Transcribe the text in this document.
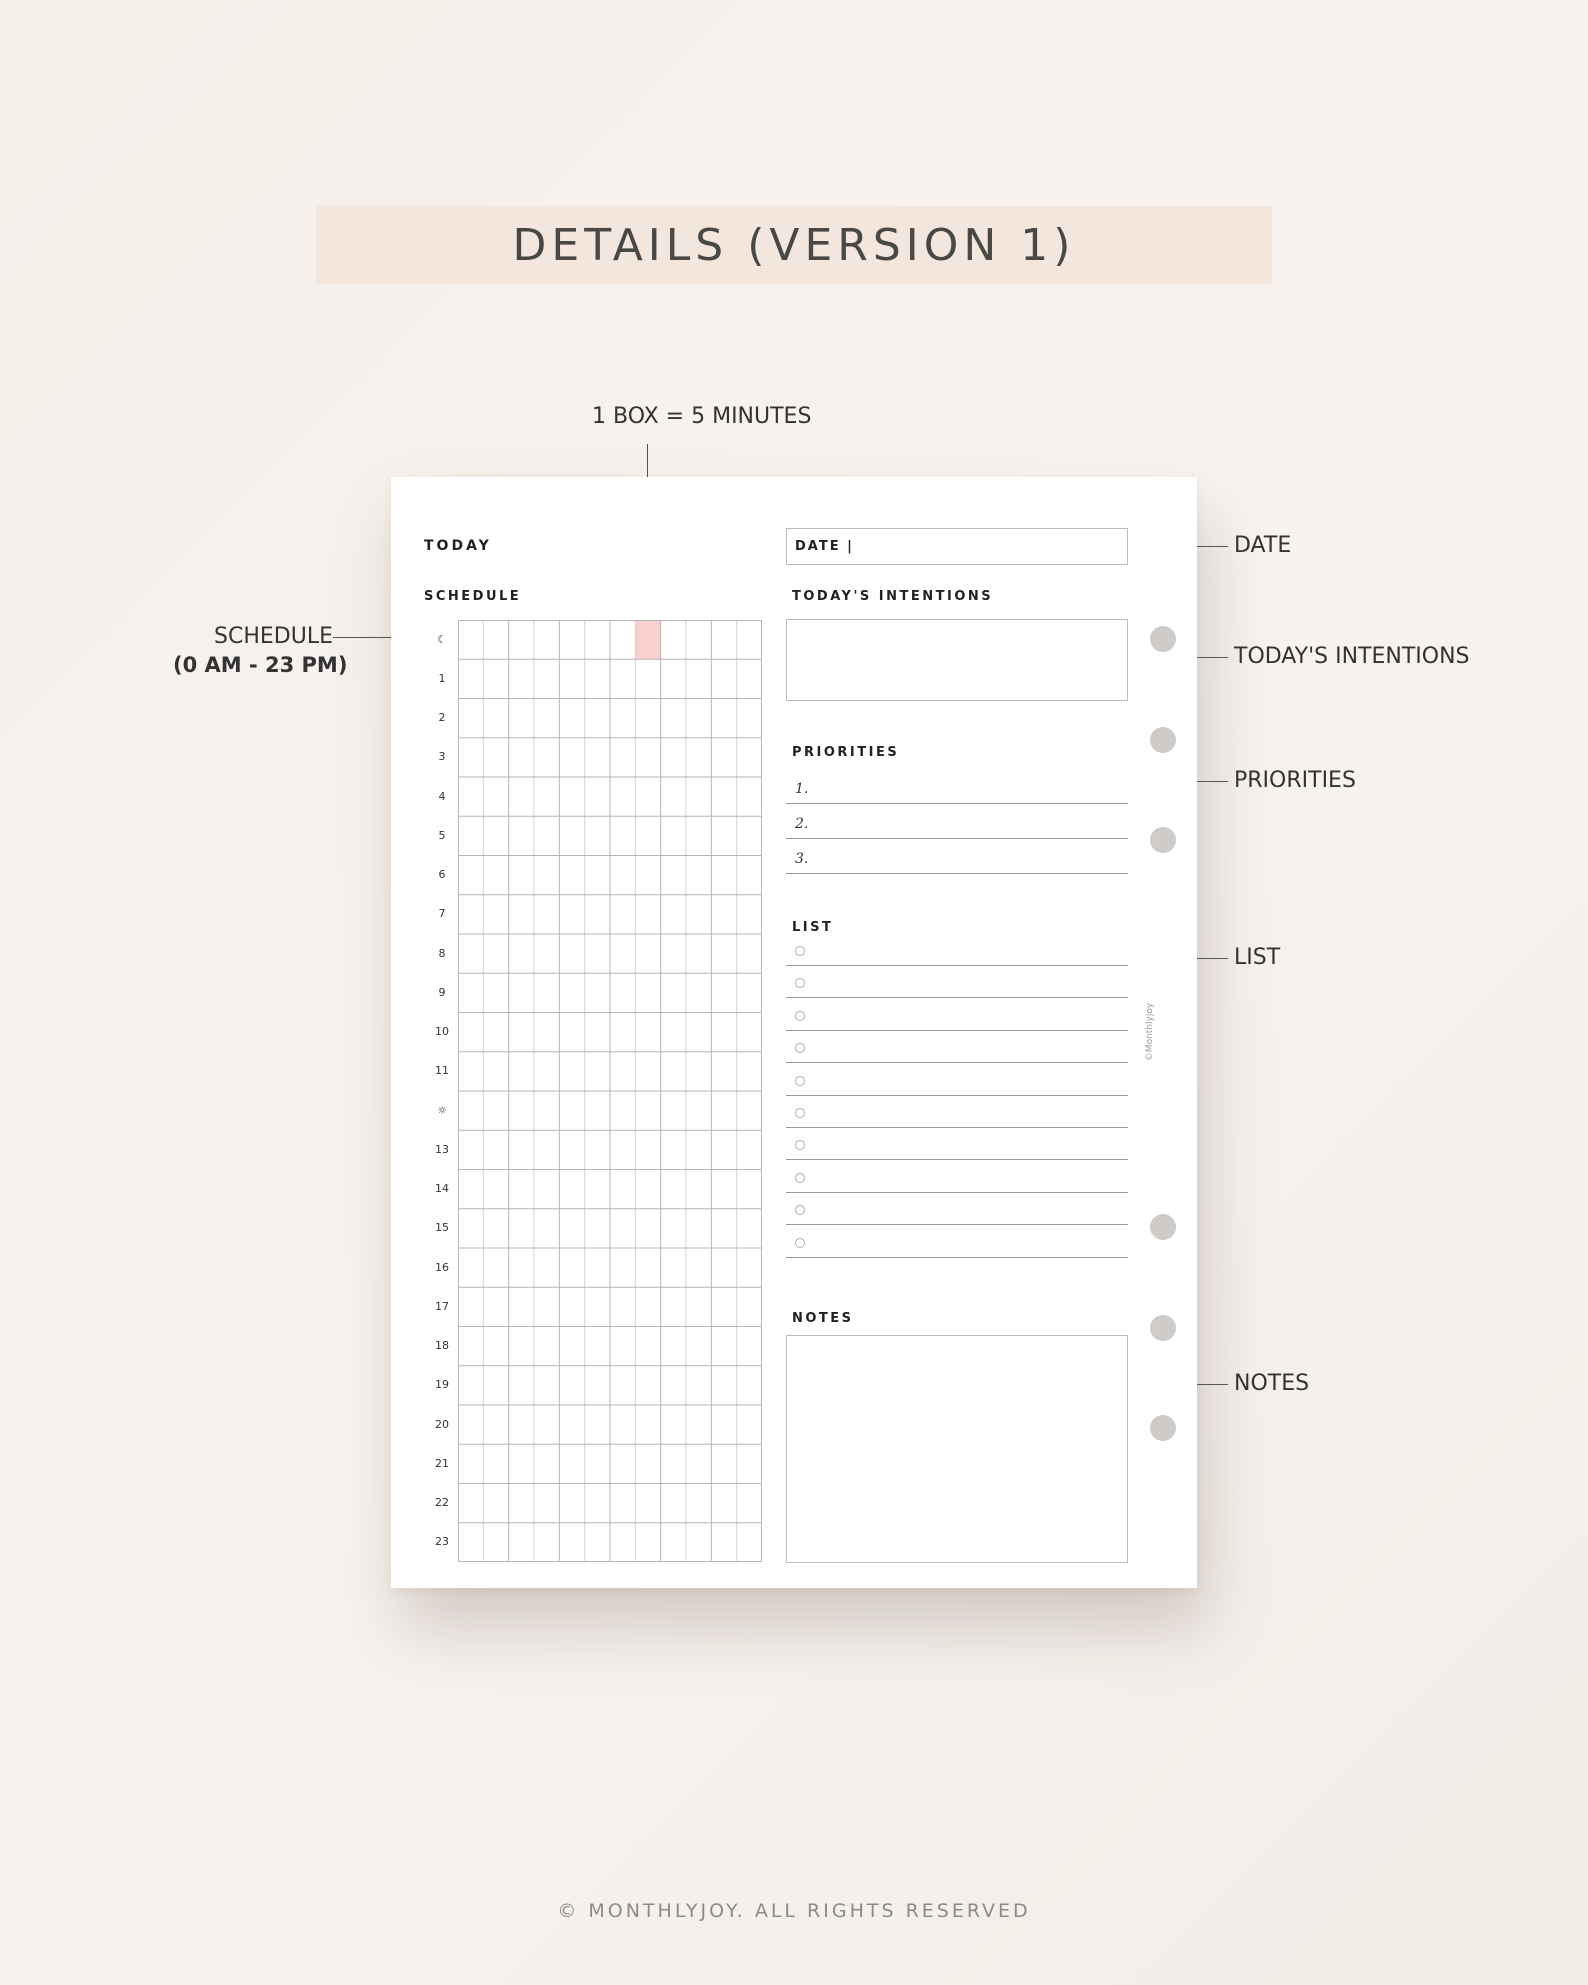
DETAILS (VERSION 1)
1 BOX = 5 MINUTES
SCHEDULE
(0 AM - 23 PM)
DATE
TODAY'S INTENTIONS
PRIORITIES
LIST
NOTES
TODAY
SCHEDULE
☾
1
2
3
4
5
6
7
8
9
10
11
☼
13
14
15
16
17
18
19
20
21
22
23
DATE |
TODAY'S INTENTIONS
PRIORITIES
1.
2.
3.
LIST
NOTES
©Monthlyjoy
© MONTHLYJOY. ALL RIGHTS RESERVED
